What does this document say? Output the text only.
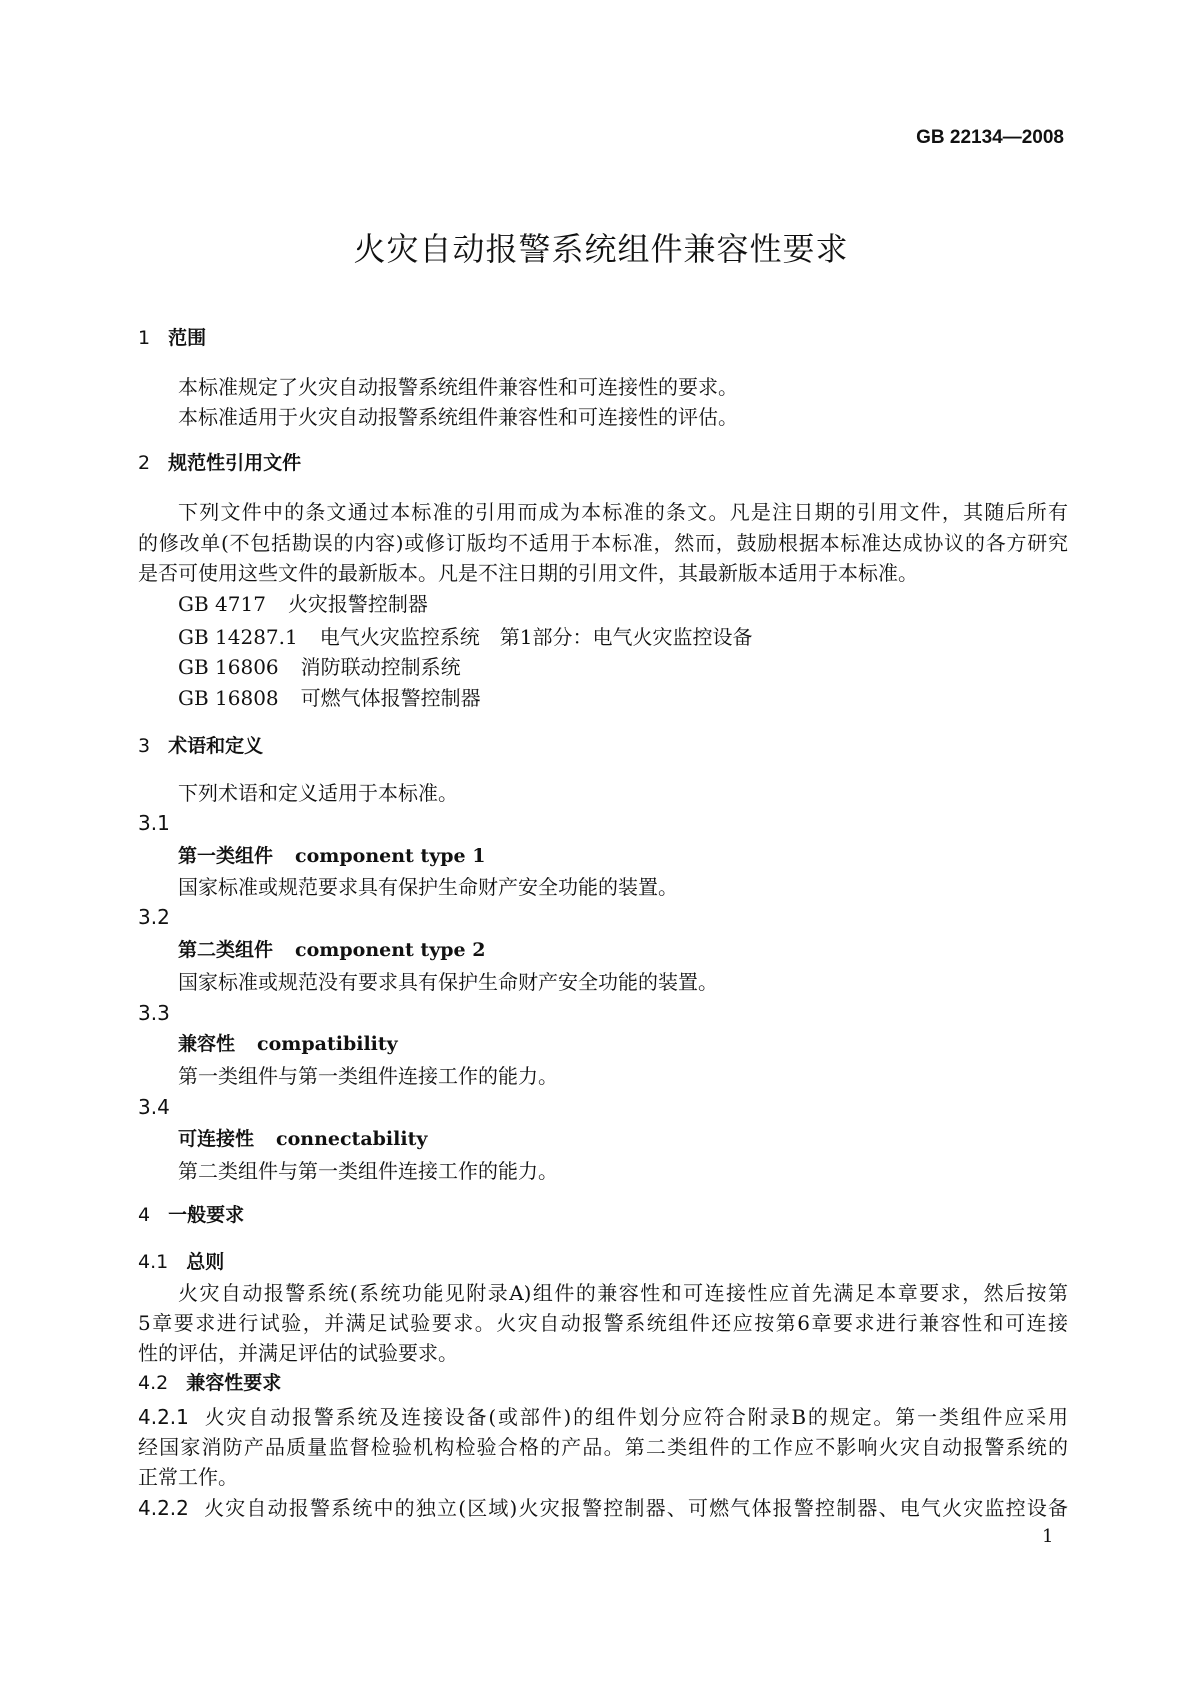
GB 22134—2008
火灾自动报警系统组件兼容性要求
1 范围
本标准规定了火灾自动报警系统组件兼容性和可连接性的要求。
本标准适用于火灾自动报警系统组件兼容性和可连接性的评估。
2 规范性引用文件
下列文件中的条文通过本标准的引用而成为本标准的条文。凡是注日期的引用文件，其随后所有
的修改单(不包括勘误的内容)或修订版均不适用于本标准，然而，鼓励根据本标准达成协议的各方研究
是否可使用这些文件的最新版本。凡是不注日期的引用文件，其最新版本适用于本标准。
GB 4717 火灾报警控制器
GB 14287.1 电气火灾监控系统　第1部分：电气火灾监控设备
GB 16806 消防联动控制系统
GB 16808 可燃气体报警控制器
3 术语和定义
下列术语和定义适用于本标准。
3.1
第一类组件 component type 1
国家标准或规范要求具有保护生命财产安全功能的装置。
3.2
第二类组件 component type 2
国家标准或规范没有要求具有保护生命财产安全功能的装置。
3.3
兼容性 compatibility
第一类组件与第一类组件连接工作的能力。
3.4
可连接性 connectability
第二类组件与第一类组件连接工作的能力。
4 一般要求
4.1 总则
火灾自动报警系统(系统功能见附录A)组件的兼容性和可连接性应首先满足本章要求，然后按第
5章要求进行试验，并满足试验要求。火灾自动报警系统组件还应按第6章要求进行兼容性和可连接
性的评估，并满足评估的试验要求。
4.2 兼容性要求
4.2.1 火灾自动报警系统及连接设备(或部件)的组件划分应符合附录B的规定。第一类组件应采用
经国家消防产品质量监督检验机构检验合格的产品。第二类组件的工作应不影响火灾自动报警系统的
正常工作。
4.2.2 火灾自动报警系统中的独立(区域)火灾报警控制器、可燃气体报警控制器、电气火灾监控设备
1
